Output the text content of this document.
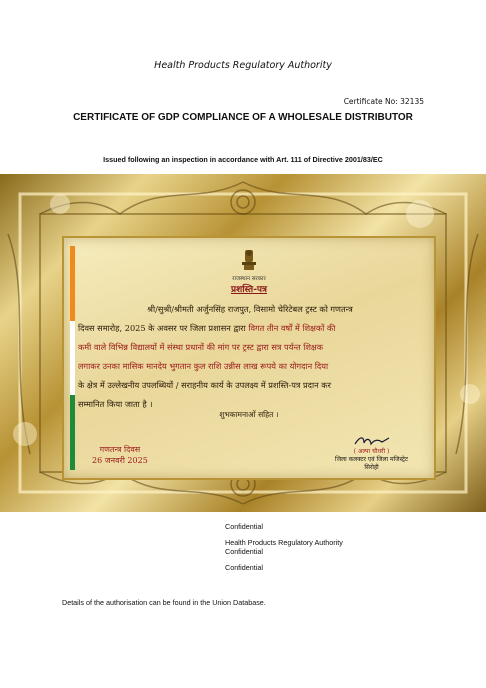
Health Products Regulatory Authority
Certificate No: 32135
CERTIFICATE OF GDP COMPLIANCE OF A WHOLESALE DISTRIBUTOR
Issued following an inspection in accordance with Art. 111 of Directive 2001/83/EC
राजस्थान सरकार
प्रशस्ति-पत्र
श्री/सुश्री/श्रीमती अर्जुनसिंह राजपुत, विसामो चेरिटेबल ट्रस्ट को गणतन्त्र
दिवस समारोह, 2025 के अवसर पर जिला प्रशासन द्वारा विगत तीन वर्षों में शिक्षकों की
कमी वाले विभिन्न विद्यालयों में संस्था प्रधानों की मांग पर ट्रस्ट द्वारा सत्र पर्यन्त शिक्षक
लगाकर उनका मासिक मानदेय भुगतान कुल राशि उन्नीस लाख रूपये का योगदान दिया
के क्षेत्र में उल्लेखनीय उपलब्धियों / सराहनीय कार्य के उपलक्ष्य में प्रशस्ति-पत्र प्रदान कर
सम्मानित किया जाता है ।
शुभकामनाओं सहित ।
गणतन्त्र दिवस
26 जनवरी 2025
( अल्पा चौधरी )
जिला कलक्टर एवं जिला मजिस्ट्रेट
सिरोही
Confidential
Health Products Regulatory Authority
Confidential
Confidential
Details of the authorisation can be found in the Union Database.
